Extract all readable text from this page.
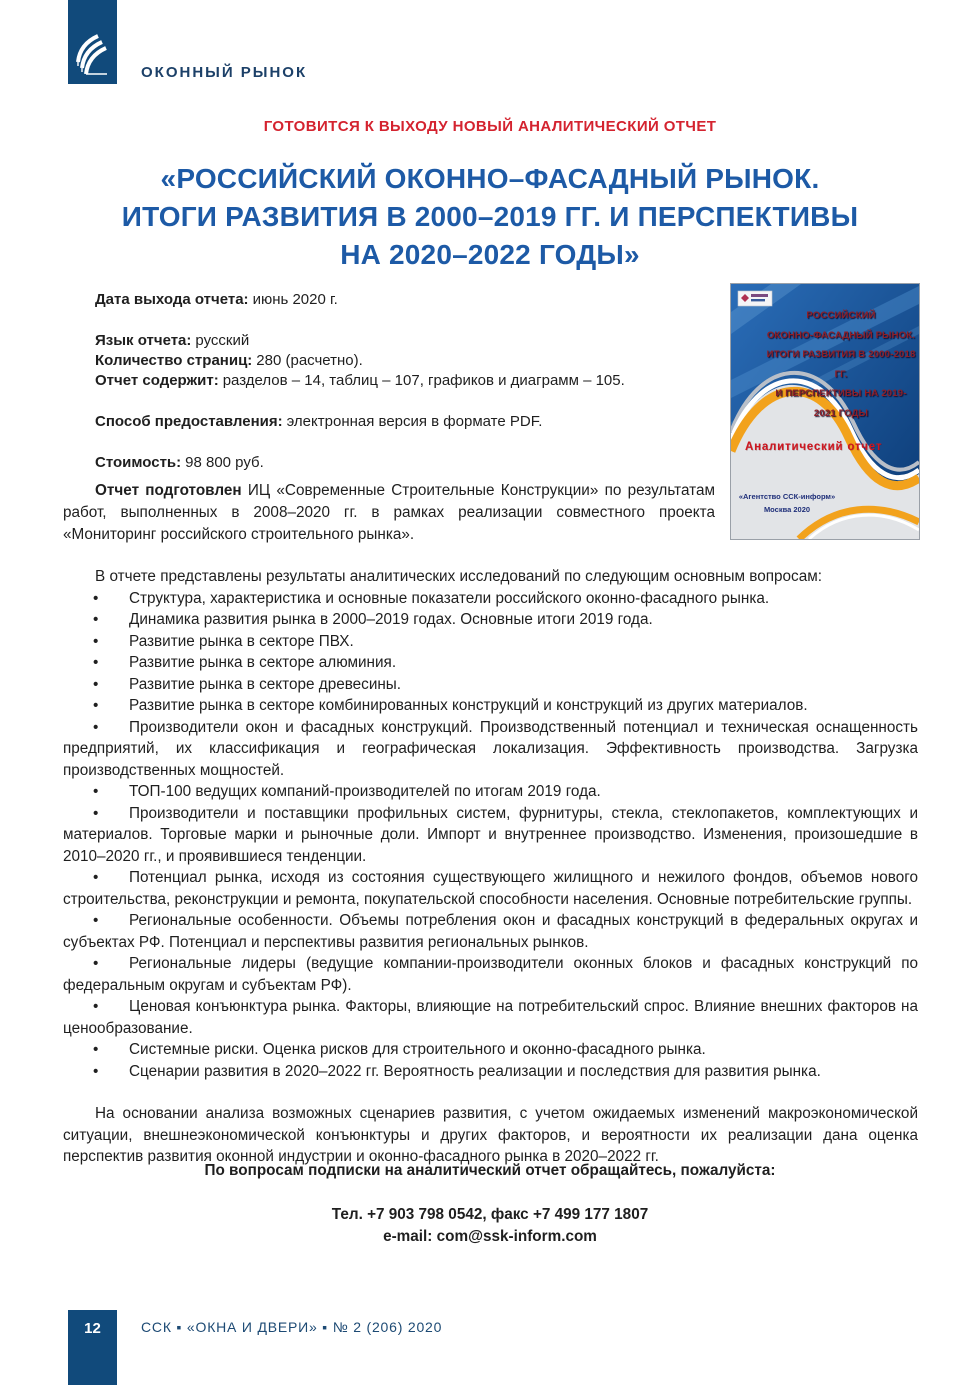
ОКОННЫЙ РЫНОК
ГОТОВИТСЯ К ВЫХОДУ НОВЫЙ АНАЛИТИЧЕСКИЙ ОТЧЕТ
«РОССИЙСКИЙ ОКОННО–ФАСАДНЫЙ РЫНОК.
ИТОГИ РАЗВИТИЯ В 2000–2019 ГГ. И ПЕРСПЕКТИВЫ
НА 2020–2022 ГОДЫ»

Дата выхода отчета: июнь 2020 г.

Язык отчета: русский

Количество страниц: 280 (расчетно).

Отчет содержит: разделов – 14, таблиц – 107, графиков и диаграмм – 105.

Способ предоставления: электронная версия в формате PDF.

Стоимость: 98 800 руб.

Отчет подготовлен ИЦ «Современные Строительные Конструкции» по результатам работ, выполненных в 2008–2020 гг. в рамках реализации совместного проекта «Мониторинг российского строительного рынка».

РОССИЙСКИЙ
ОКОННО-ФАСАДНЫЙ РЫНОК.
ИТОГИ РАЗВИТИЯ В 2000-2018 ГГ.
И ПЕРСПЕКТИВЫ НА 2019-2021 ГОДЫ
Аналитический отчет
«Агентство ССК-информ»
Москва 2020

В отчете представлены результаты аналитических исследований по следующим основным вопросам:

• Структура, характеристика и основные показатели российского оконно-фасадного рынка.

• Динамика развития рынка в 2000–2019 годах. Основные итоги 2019 года.

• Развитие рынка в секторе ПВХ.

• Развитие рынка в секторе алюминия.

• Развитие рынка в секторе древесины.

• Развитие рынка в секторе комбинированных конструкций и конструкций из других материалов.

• Производители окон и фасадных конструкций. Производственный потенциал и техническая оснащенность предприятий, их классификация и географическая локализация. Эффективность производства. Загрузка производственных мощностей.

• ТОП-100 ведущих компаний-производителей по итогам 2019 года.

• Производители и поставщики профильных систем, фурнитуры, стекла, стеклопакетов, комплектующих и материалов. Торговые марки и рыночные доли. Импорт и внутреннее производство. Изменения, произошедшие в 2010–2020 гг., и проявившиеся тенденции.

• Потенциал рынка, исходя из состояния существующего жилищного и нежилого фондов, объемов нового строительства, реконструкции и ремонта, покупательской способности населения. Основные потребительские группы.

• Региональные особенности. Объемы потребления окон и фасадных конструкций в федеральных округах и субъектах РФ. Потенциал и перспективы развития региональных рынков.

• Региональные лидеры (ведущие компании-производители оконных блоков и фасадных конструкций по федеральным округам и субъектам РФ).

• Ценовая конъюнктура рынка. Факторы, влияющие на потребительский спрос. Влияние внешних факторов на ценообразование.

• Системные риски. Оценка рисков для строительного и оконно-фасадного рынка.

• Сценарии развития в 2020–2022 гг. Вероятность реализации и последствия для развития рынка.

На основании анализа возможных сценариев развития, с учетом ожидаемых изменений макроэкономической ситуации, внешнеэкономической конъюнктуры и других факторов, и вероятности их реализации дана оценка перспектив развития оконной индустрии и оконно-фасадного рынка в 2020–2022 гг.

По вопросам подписки на аналитический отчет обращайтесь, пожалуйста:
Тел. +7 903 798 0542, факс +7 499 177 1807
e-mail: com@ssk-inform.com
12	ССК ▪ «ОКНА И ДВЕРИ» ▪ № 2 (206) 2020
